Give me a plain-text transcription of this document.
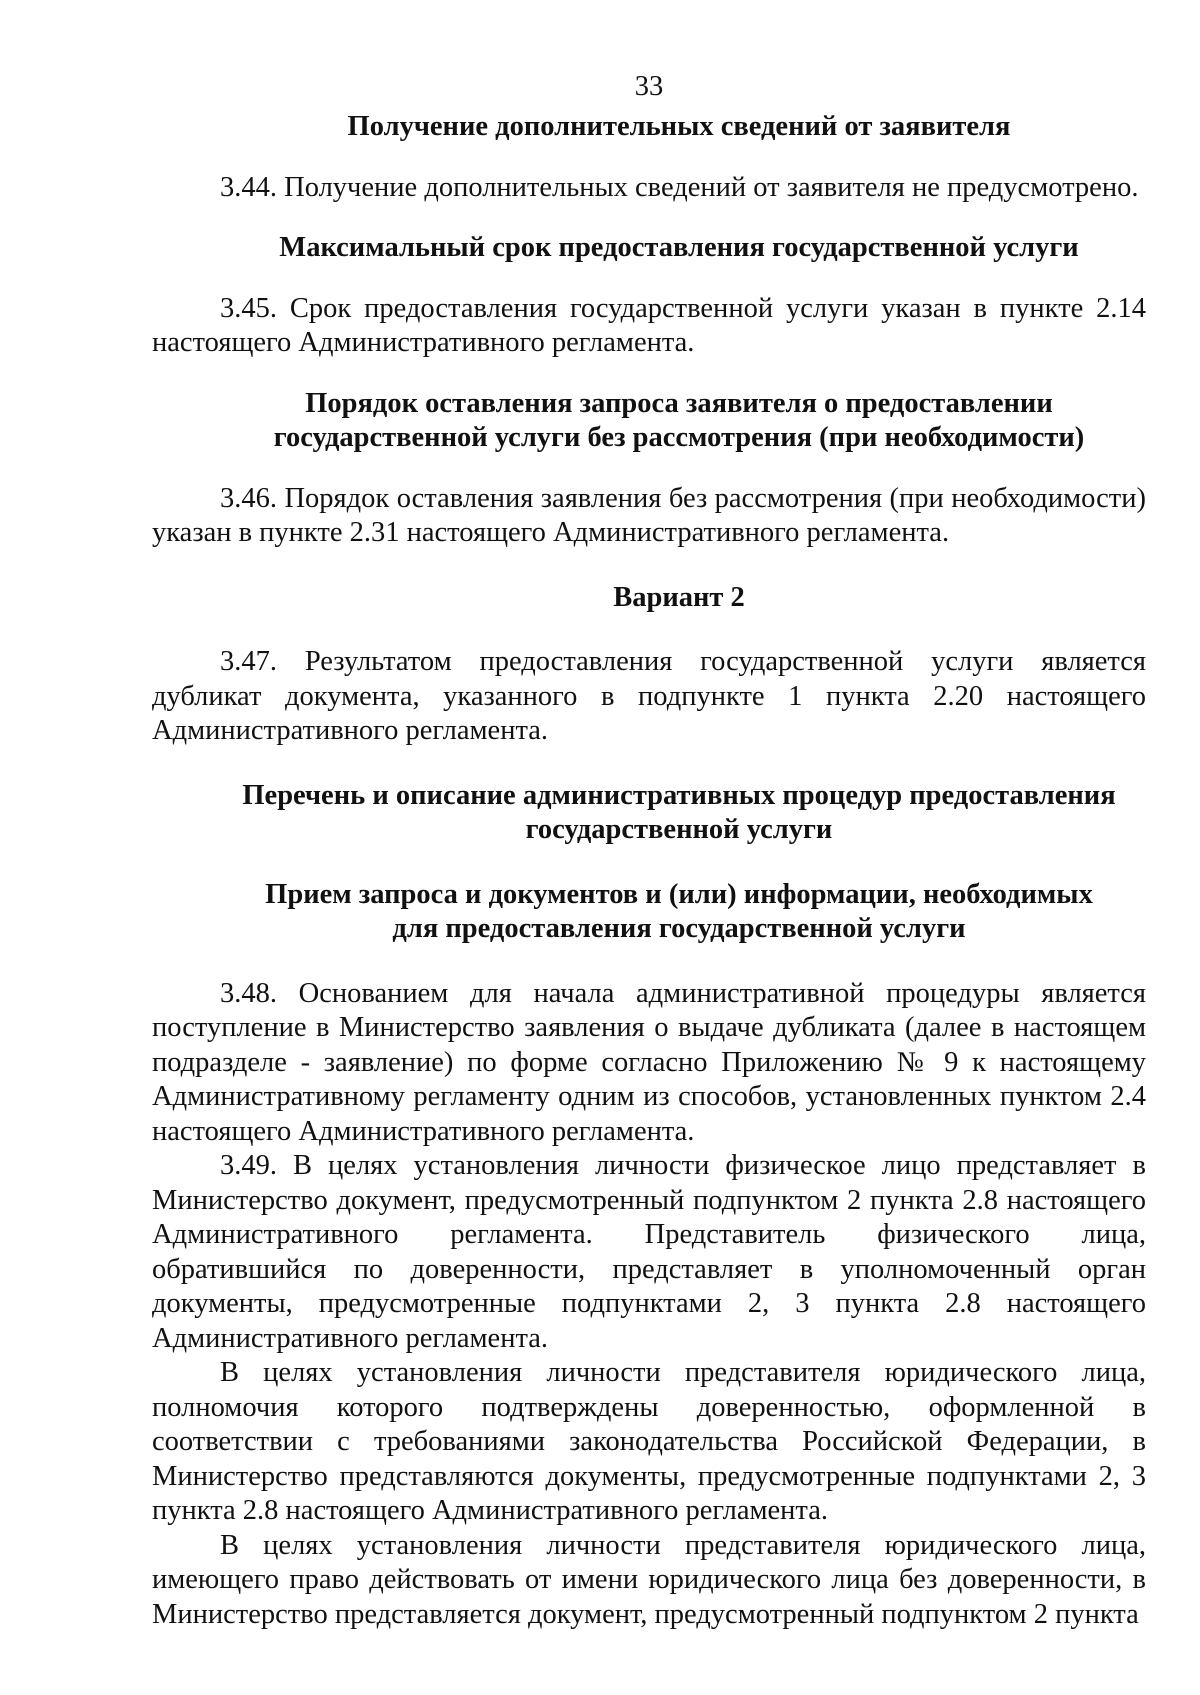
33

Получение дополнительных сведений от заявителя

3.44. Получение дополнительных сведений от заявителя не предусмотрено.

Максимальный срок предоставления государственной услуги

3.45. Срок предоставления государственной услуги указан в пункте 2.14 настоящего Административного регламента.

Порядок оставления запроса заявителя о предоставлении

государственной услуги без рассмотрения (при необходимости)

3.46. Порядок оставления заявления без рассмотрения (при необходимости) указан в пункте 2.31 настоящего Административного регламента.

Вариант 2

3.47. Результатом предоставления государственной услуги является дубликат документа, указанного в подпункте 1 пункта 2.20 настоящего Административного регламента.

Перечень и описание административных процедур предоставления

государственной услуги

Прием запроса и документов и (или) информации, необходимых

для предоставления государственной услуги

3.48. Основанием для начала административной процедуры является поступление в Министерство заявления о выдаче дубликата (далее в настоящем подразделе - заявление) по форме согласно Приложению № 9 к настоящему Административному регламенту одним из способов, установленных пунктом 2.4 настоящего Административного регламента.

3.49. В целях установления личности физическое лицо представляет в Министерство документ, предусмотренный подпунктом 2 пункта 2.8 настоящего Административного регламента. Представитель физического лица, обратившийся по доверенности, представляет в уполномоченный орган документы, предусмотренные подпунктами 2, 3 пункта 2.8 настоящего Административного регламента.

В целях установления личности представителя юридического лица, полномочия которого подтверждены доверенностью, оформленной в соответствии с требованиями законодательства Российской Федерации, в Министерство представляются документы, предусмотренные подпунктами 2, 3 пункта 2.8 настоящего Административного регламента.

В целях установления личности представителя юридического лица, имеющего право действовать от имени юридического лица без доверенности, в Министерство представляется документ, предусмотренный подпунктом 2 пункта
